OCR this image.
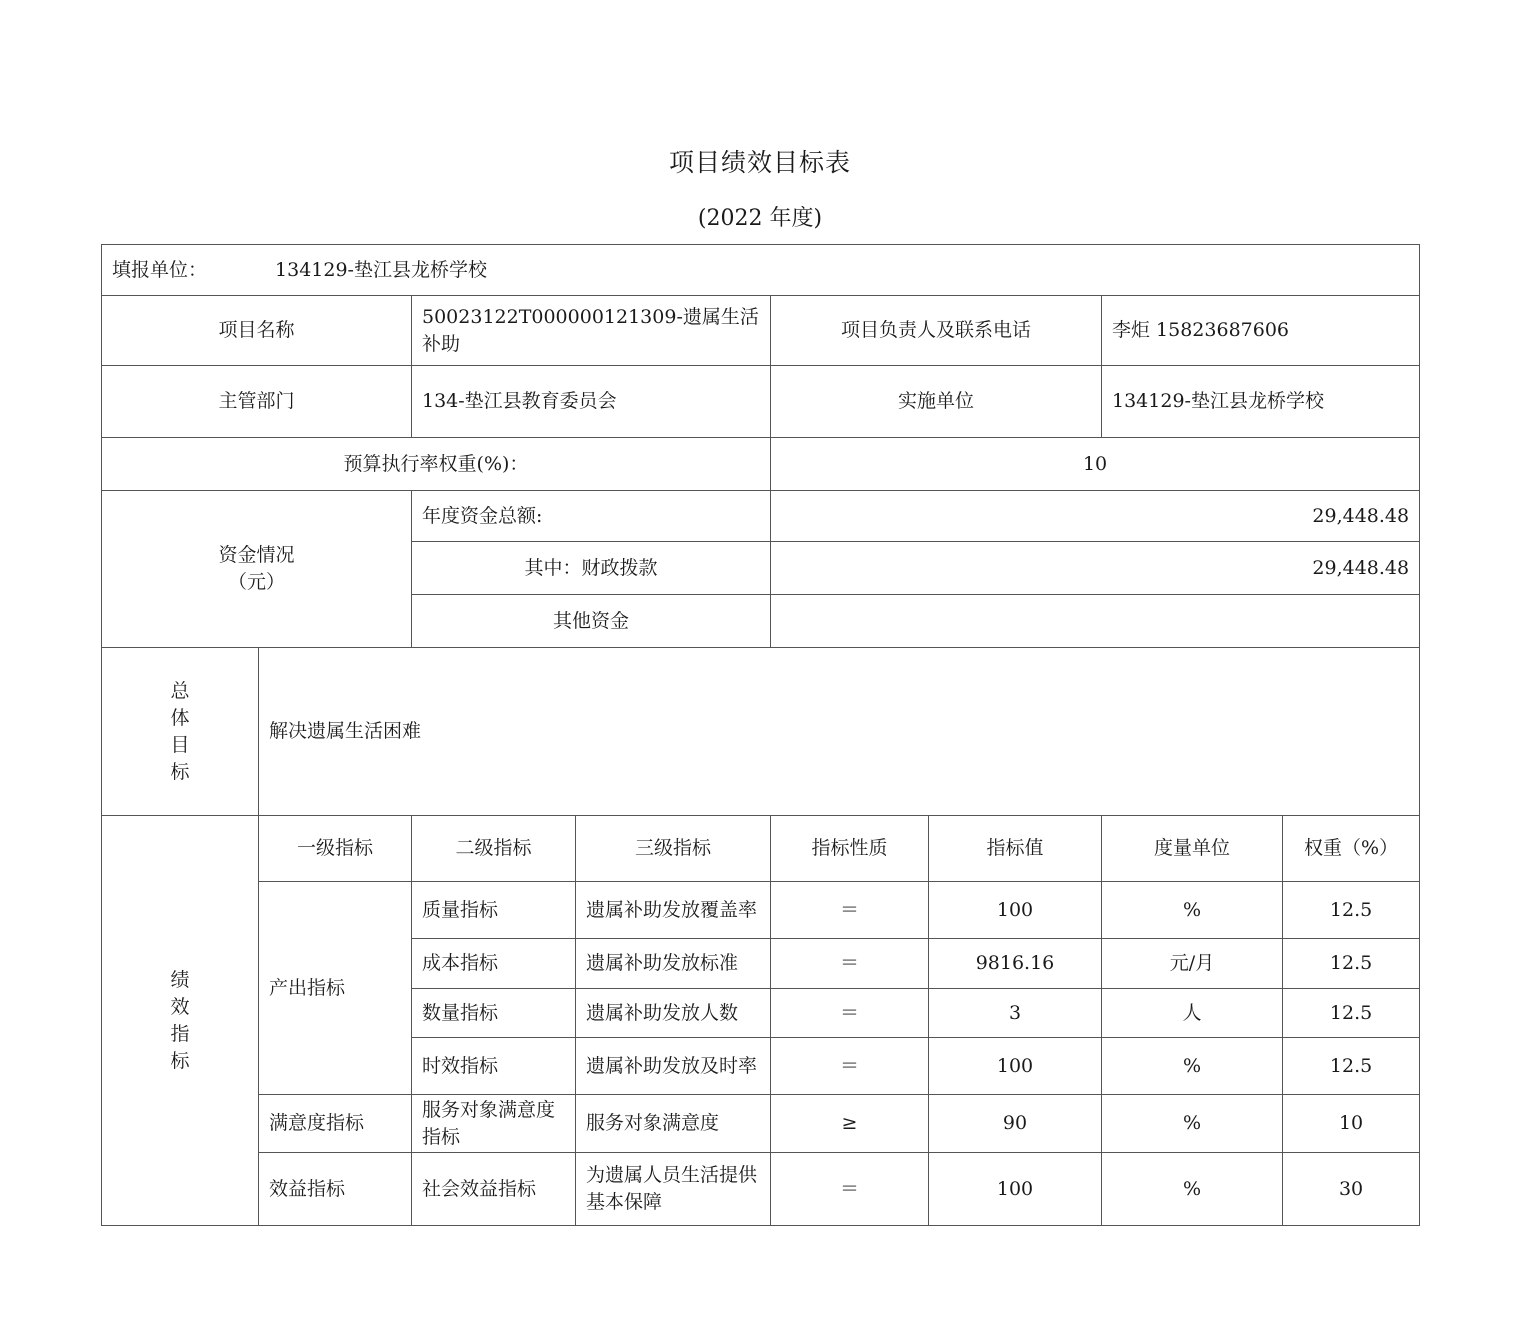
项目绩效目标表
(2022 年度)
填报单位： 134129-垫江县龙桥学校							
项目名称		50023122T000000121309-遗属生活补助		项目负责人及联系电话		李炬 15823687606	
主管部门		134-垫江县教育委员会		实施单位		134129-垫江县龙桥学校	
预算执行率权重(%)：				10			

资金情况
（元）		年度资金总额:		29,448.48			
		其中：财政拨款		29,448.48			
		其他资金					

总
体
目
标	解决遗属生活困难						

绩
效
指
标	一级指标	二级指标	三级指标	指标性质	指标值	度量单位	权重（%）
	产出指标	质量指标	遗属补助发放覆盖率	＝	100	%	12.5
		成本指标	遗属补助发放标准	＝	9816.16	元/月	12.5
		数量指标	遗属补助发放人数	＝	3	人	12.5
		时效指标	遗属补助发放及时率	＝	100	%	12.5
	满意度指标	服务对象满意度指标	服务对象满意度	≥	90	%	10
	效益指标	社会效益指标	为遗属人员生活提供基本保障	＝	100	%	30
